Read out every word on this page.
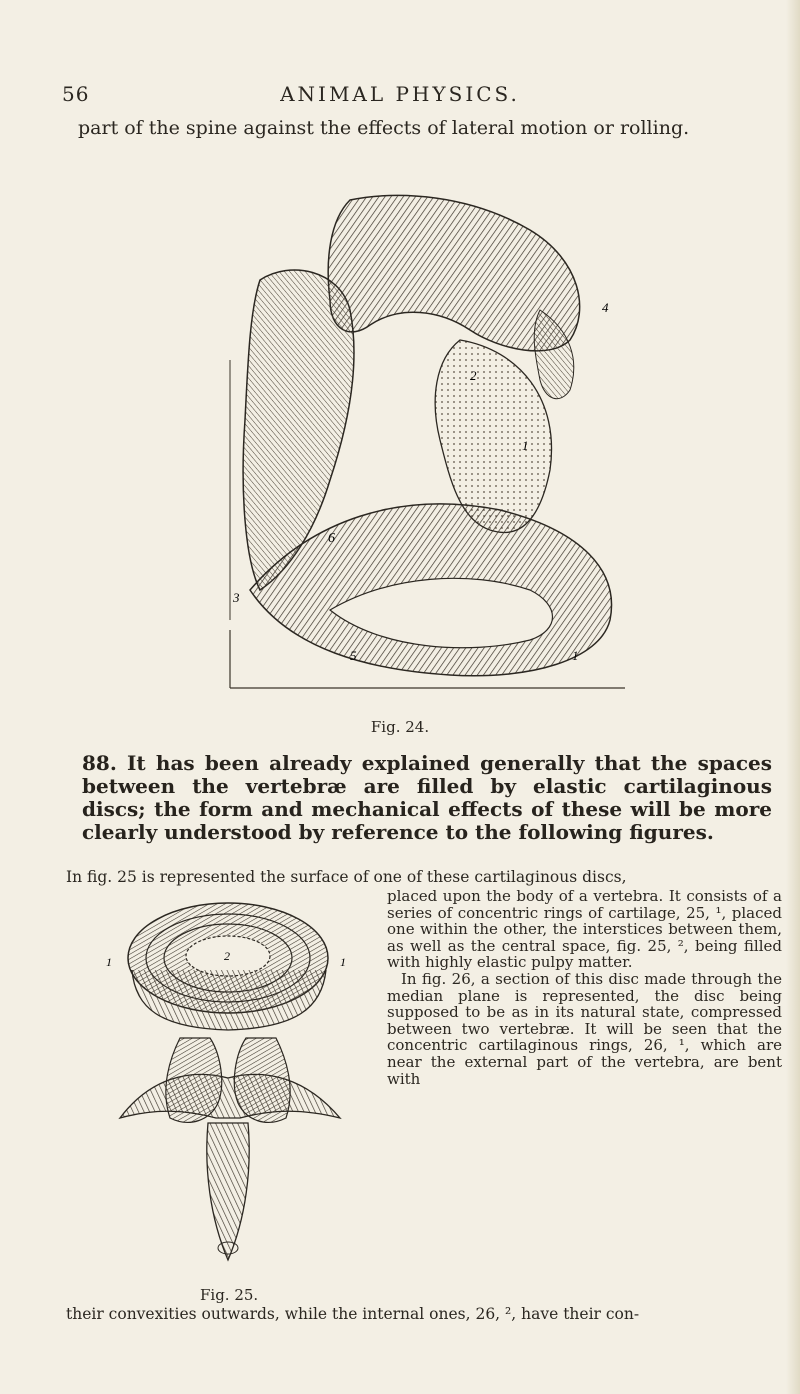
56	ANIMAL PHYSICS.

part of the spine against the effects of lateral motion or rolling.

4
2
1
6
3
5	1
Fig. 24.

88. It has been already explained generally that the spaces between the vertebræ are filled by elastic cartilaginous discs; the form and mechanical effects of these will be more clearly understood by reference to the following figures.

In fig. 25 is represented the surface of one of these cartilaginous discs,

1	1
2
Fig. 25.
placed upon the body of a vertebra. It consists of a series of concentric rings of cartilage, 25, ¹, placed one within the other, the interstices between them, as well as the central space, fig. 25, ², being filled with highly elastic pulpy matter.
In fig. 26, a section of this disc made through the median plane is represented, the disc being supposed to be as in its natural state, compressed between two vertebræ. It will be seen that the concentric cartilaginous rings, 26, ¹, which are near the external part of the vertebra, are bent with

their convexities outwards, while the internal ones, 26, ², have their con-
